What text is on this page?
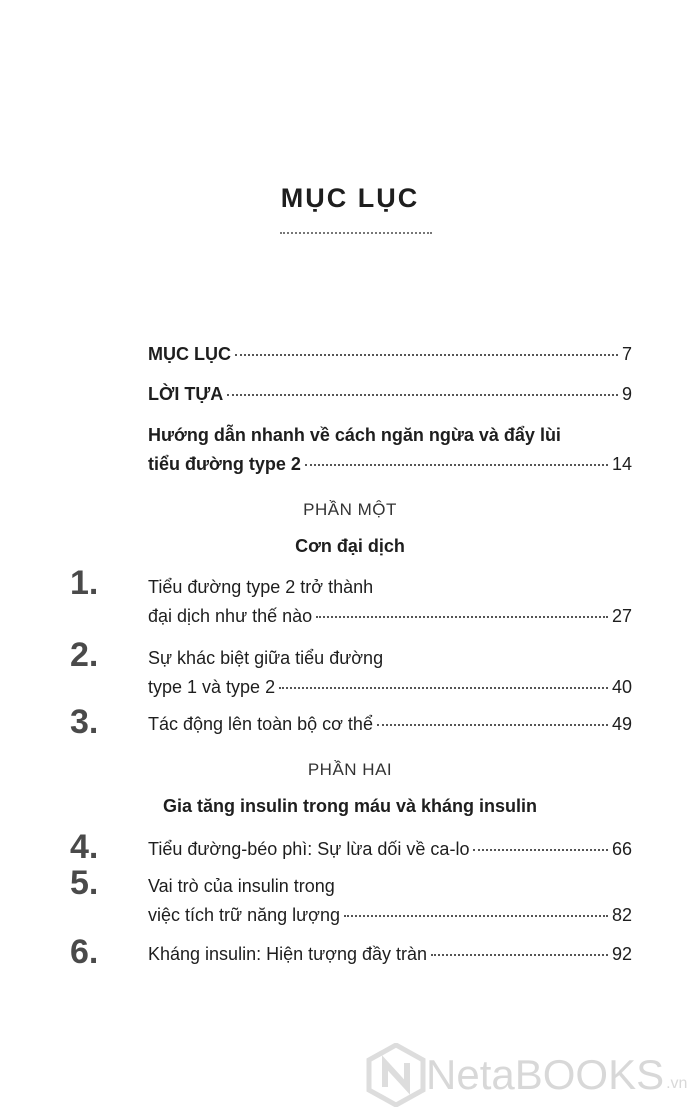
MỤC LỤC
MỤC LỤC	7
LỜI TỰA	9
Hướng dẫn nhanh về cách ngăn ngừa và đẩy lùi
tiểu đường type 2	14
PHẦN MỘT
Cơn đại dịch
1.	Tiểu đường type 2 trở thành
đại dịch như thế nào	27
2.	Sự khác biệt giữa tiểu đường
type 1 và type 2	40
3.	Tác động lên toàn bộ cơ thể	49
PHẦN HAI
Gia tăng insulin trong máu và kháng insulin
4.	Tiểu đường-béo phì: Sự lừa dối về ca-lo	66
5.	Vai trò của insulin trong
việc tích trữ năng lượng	82
6.	Kháng insulin: Hiện tượng đầy tràn	92
NetaBOOKS .vn
